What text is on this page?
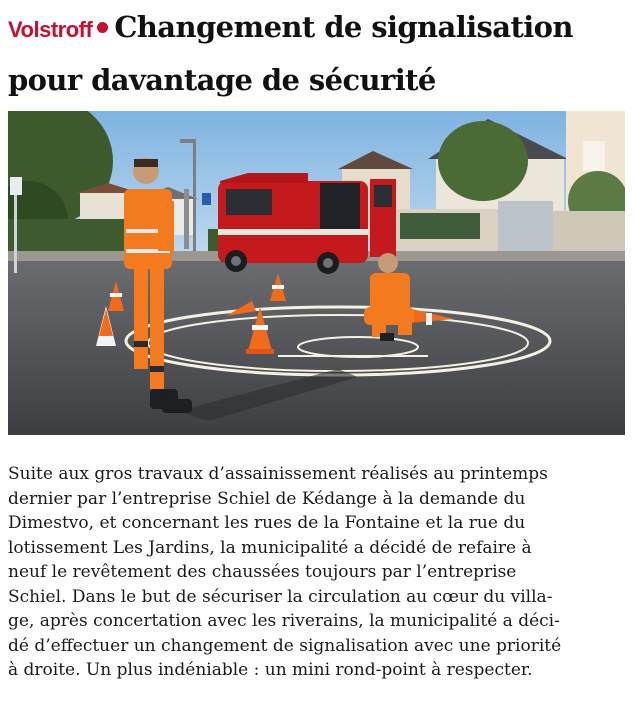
Volstroff Changement de signalisation
pour davantage de sécurité

Suite aux gros travaux d’assainissement réalisés au printemps
dernier par l’entreprise Schiel de Kédange à la demande du
Dimestvo, et concernant les rues de la Fontaine et la rue du
lotissement Les Jardins, la municipalité a décidé de refaire à
neuf le revêtement des chaussées toujours par l’entreprise
Schiel. Dans le but de sécuriser la circulation au cœur du villa-
ge, après concertation avec les riverains, la municipalité a déci-
dé d’effectuer un changement de signalisation avec une priorité
à droite. Un plus indéniable : un mini rond-point à respecter.
